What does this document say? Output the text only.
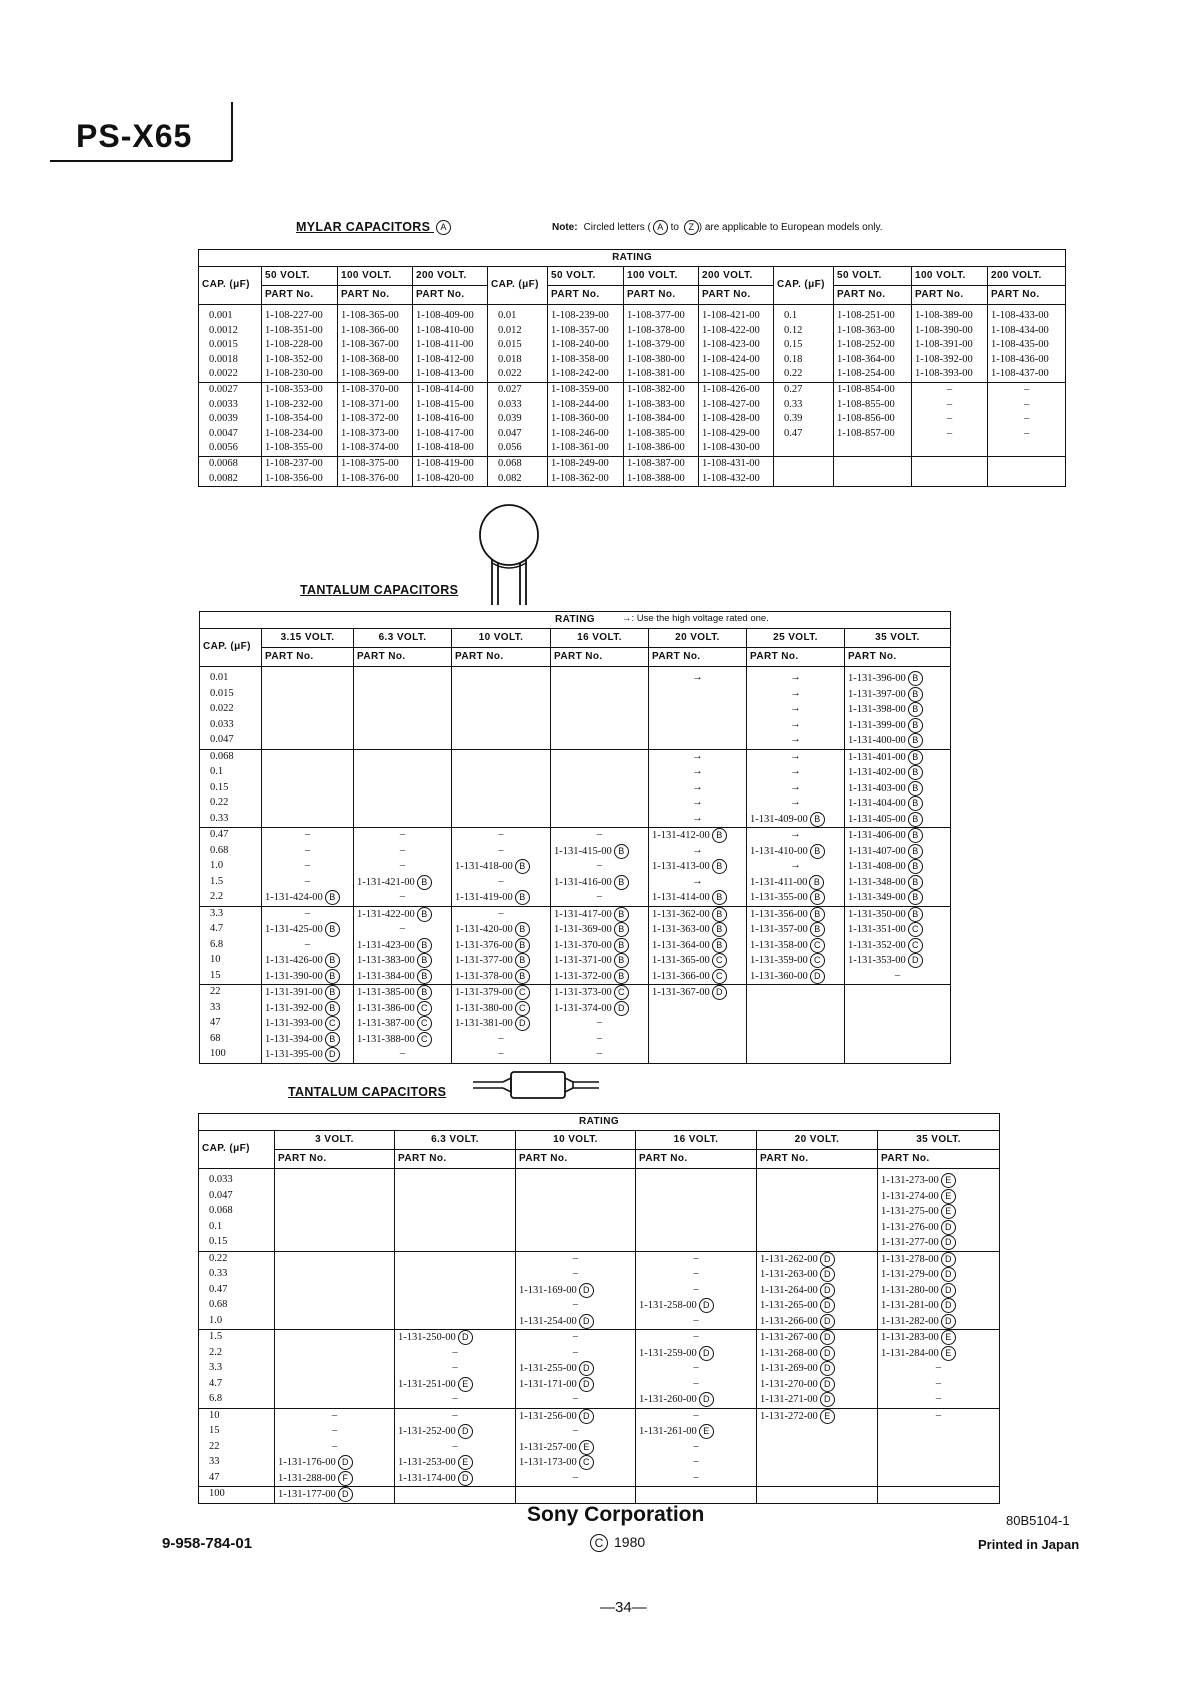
PS-X65
MYLAR CAPACITORS A	Note: Circled letters ( A to Z ) are applicable to European models only.
RATING											
CAP. (μF)	50 VOLT.	100 VOLT.	200 VOLT.	CAP. (μF)	50 VOLT.	100 VOLT.	200 VOLT.	CAP. (μF)	50 VOLT.	100 VOLT.	200 VOLT.
	PART No.	PART No.	PART No.		PART No.	PART No.	PART No.		PART No.	PART No.	PART No.
0.001	1-108-227-00	1-108-365-00	1-108-409-00	0.01	1-108-239-00	1-108-377-00	1-108-421-00	0.1	1-108-251-00	1-108-389-00	1-108-433-00
0.0012	1-108-351-00	1-108-366-00	1-108-410-00	0.012	1-108-357-00	1-108-378-00	1-108-422-00	0.12	1-108-363-00	1-108-390-00	1-108-434-00
0.0015	1-108-228-00	1-108-367-00	1-108-411-00	0.015	1-108-240-00	1-108-379-00	1-108-423-00	0.15	1-108-252-00	1-108-391-00	1-108-435-00
0.0018	1-108-352-00	1-108-368-00	1-108-412-00	0.018	1-108-358-00	1-108-380-00	1-108-424-00	0.18	1-108-364-00	1-108-392-00	1-108-436-00
0.0022	1-108-230-00	1-108-369-00	1-108-413-00	0.022	1-108-242-00	1-108-381-00	1-108-425-00	0.22	1-108-254-00	1-108-393-00	1-108-437-00
0.0027	1-108-353-00	1-108-370-00	1-108-414-00	0.027	1-108-359-00	1-108-382-00	1-108-426-00	0.27	1-108-854-00	–	–
0.0033	1-108-232-00	1-108-371-00	1-108-415-00	0.033	1-108-244-00	1-108-383-00	1-108-427-00	0.33	1-108-855-00	–	–
0.0039	1-108-354-00	1-108-372-00	1-108-416-00	0.039	1-108-360-00	1-108-384-00	1-108-428-00	0.39	1-108-856-00	–	–
0.0047	1-108-234-00	1-108-373-00	1-108-417-00	0.047	1-108-246-00	1-108-385-00	1-108-429-00	0.47	1-108-857-00	–	–
0.0056	1-108-355-00	1-108-374-00	1-108-418-00	0.056	1-108-361-00	1-108-386-00	1-108-430-00				
0.0068	1-108-237-00	1-108-375-00	1-108-419-00	0.068	1-108-249-00	1-108-387-00	1-108-431-00				
0.0082	1-108-356-00	1-108-376-00	1-108-420-00	0.082	1-108-362-00	1-108-388-00	1-108-432-00				
TANTALUM CAPACITORS
RATING							
CAP. (μF)	3.15 VOLT.	6.3 VOLT.	10 VOLT.	16 VOLT.	20 VOLT.	25 VOLT.	35 VOLT.
	PART No.	PART No.	PART No.	PART No.	PART No.	PART No.	PART No.
0.01					→	→	1-131-396-00 B
0.015						→	1-131-397-00 B
0.022						→	1-131-398-00 B
0.033						→	1-131-399-00 B
0.047						→	1-131-400-00 B
0.068					→	→	1-131-401-00 B
0.1					→	→	1-131-402-00 B
0.15					→	→	1-131-403-00 B
0.22					→	→	1-131-404-00 B
0.33					→	1-131-409-00 B	1-131-405-00 B
0.47	–	–	–	–	1-131-412-00 B	→	1-131-406-00 B
0.68	–	–	–	1-131-415-00 B	→	1-131-410-00 B	1-131-407-00 B
1.0	–	–	1-131-418-00 B	–	1-131-413-00 B	→	1-131-408-00 B
1.5	–	1-131-421-00 B	–	1-131-416-00 B	→	1-131-411-00 B	1-131-348-00 B
2.2	1-131-424-00 B	–	1-131-419-00 B	–	1-131-414-00 B	1-131-355-00 B	1-131-349-00 B
3.3	–	1-131-422-00 B	–	1-131-417-00 B	1-131-362-00 B	1-131-356-00 B	1-131-350-00 B
4.7	1-131-425-00 B	–	1-131-420-00 B	1-131-369-00 B	1-131-363-00 B	1-131-357-00 B	1-131-351-00 C
6.8	–	1-131-423-00 B	1-131-376-00 B	1-131-370-00 B	1-131-364-00 B	1-131-358-00 C	1-131-352-00 C
10	1-131-426-00 B	1-131-383-00 B	1-131-377-00 B	1-131-371-00 B	1-131-365-00 C	1-131-359-00 C	1-131-353-00 D
15	1-131-390-00 B	1-131-384-00 B	1-131-378-00 B	1-131-372-00 B	1-131-366-00 C	1-131-360-00 D	–
22	1-131-391-00 B	1-131-385-00 B	1-131-379-00 C	1-131-373-00 C	1-131-367-00 D		
33	1-131-392-00 B	1-131-386-00 C	1-131-380-00 C	1-131-374-00 D			
47	1-131-393-00 C	1-131-387-00 C	1-131-381-00 D	–			
68	1-131-394-00 B	1-131-388-00 C	–	–			
100	1-131-395-00 D	–	–	–			
TANTALUM CAPACITORS
RATING						
CAP. (μF)	3 VOLT.	6.3 VOLT.	10 VOLT.	16 VOLT.	20 VOLT.	35 VOLT.
	PART No.	PART No.	PART No.	PART No.	PART No.	PART No.
0.033						1-131-273-00 E
0.047						1-131-274-00 E
0.068						1-131-275-00 E
0.1						1-131-276-00 D
0.15						1-131-277-00 D
0.22			–	–	1-131-262-00 D	1-131-278-00 D
0.33			–	–	1-131-263-00 D	1-131-279-00 D
0.47			1-131-169-00 D	–	1-131-264-00 D	1-131-280-00 D
0.68			–	1-131-258-00 D	1-131-265-00 D	1-131-281-00 D
1.0			1-131-254-00 D	–	1-131-266-00 D	1-131-282-00 D
1.5		1-131-250-00 D	–	–	1-131-267-00 D	1-131-283-00 E
2.2		–	–	1-131-259-00 D	1-131-268-00 D	1-131-284-00 E
3.3		–	1-131-255-00 D	–	1-131-269-00 D	–
4.7		1-131-251-00 E	1-131-171-00 D	–	1-131-270-00 D	–
6.8		–	–	1-131-260-00 D	1-131-271-00 D	–
10	–	–	1-131-256-00 D	–	1-131-272-00 E	–
15	–	1-131-252-00 D	–	1-131-261-00 E		
22	–	–	1-131-257-00 E	–		
33	1-131-176-00 D	1-131-253-00 E	1-131-173-00 C	–		
47	1-131-288-00 F	1-131-174-00 D	–	–		
100	1-131-177-00 D					
9-958-784-01
Sony Corporation
C 1980
80B5104-1
Printed in Japan
—34—
→: Use the high voltage rated one.
